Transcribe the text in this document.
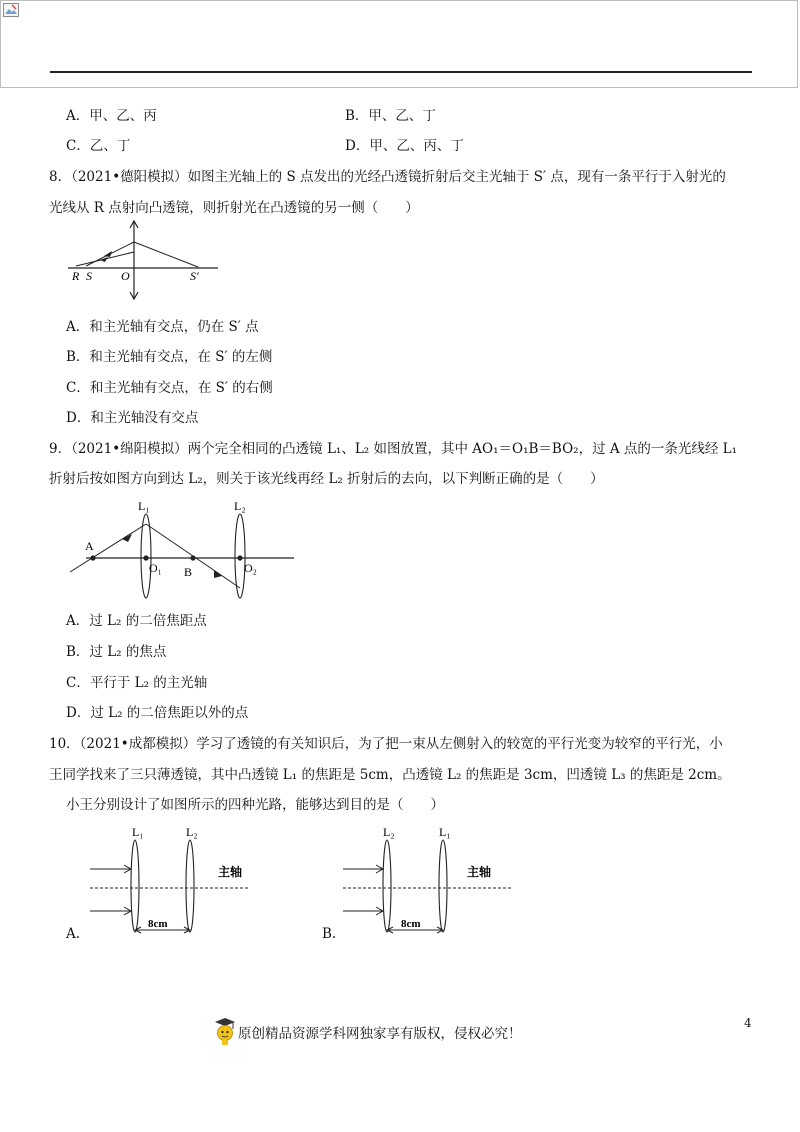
A．甲、乙、丙	B．甲、乙、丁
C．乙、丁	D．甲、乙、丙、丁
8．（2021•德阳模拟）如图主光轴上的 S 点发出的光经凸透镜折射后交主光轴于 S′ 点，现有一条平行于入射光的
光线从 R 点射向凸透镜，则折射光在凸透镜的另一侧（　　）
R S O	S′
A．和主光轴有交点，仍在 S′ 点
B．和主光轴有交点，在 S′ 的左侧
C．和主光轴有交点，在 S′ 的右侧
D．和主光轴没有交点
9．（2021•绵阳模拟）两个完全相同的凸透镜 L₁、L₂ 如图放置，其中 AO₁＝O₁B＝BO₂，过 A 点的一条光线经 L₁
折射后按如图方向到达 L₂，则关于该光线再经 L₂ 折射后的去向，以下判断正确的是（　　）
L₁	L₂
A
O₁ B	O₂
A．过 L₂ 的二倍焦距点
B．过 L₂ 的焦点
C．平行于 L₂ 的主光轴
D．过 L₂ 的二倍焦距以外的点
10．（2021•成都模拟）学习了透镜的有关知识后，为了把一束从左侧射入的较宽的平行光变为较窄的平行光，小
王同学找来了三只薄透镜，其中凸透镜 L₁ 的焦距是 5cm，凸透镜 L₂ 的焦距是 3cm，凹透镜 L₃ 的焦距是 2cm。
小王分别设计了如图所示的四种光路，能够达到目的是（　　）
L₁	L₂
主轴
8cm
A.
L₂	L₁
主轴
8cm
B.
原创精品资源学科网独家享有版权，侵权必究！
4
